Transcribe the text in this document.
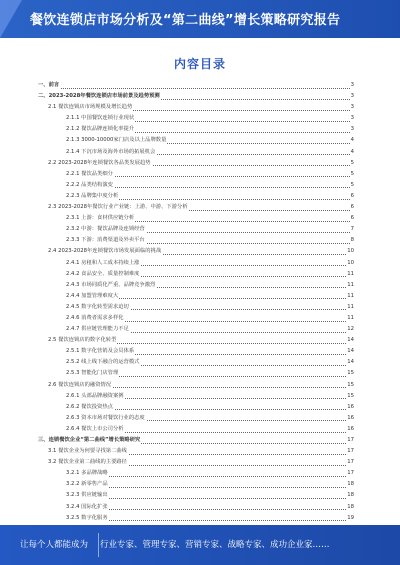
餐饮连锁店市场分析及“第二曲线”增长策略研究报告
内容目录
一、前言	3
二、2023-2028年餐饮连锁店市场前景及趋势预测	3
2.1 餐饮连锁店市场规模及增长趋势	3
2.1.1 中国餐饮连锁行业现状	3
2.1.2 餐饮品牌连锁化率提升	3
2.1.3 3000-10000家门店及以上品牌数量	4
2.1.4 下沉市场及海外市场的拓展机会	4
2.2 2023-2028年连锁餐饮各品类发展趋势	5
2.2.1 餐饮品类细分	5
2.2.2 品类结构演变	5
2.2.3 品牌集中度分析	6
2.3 2023-2028年餐饮行业产业链：上游、中游、下游分析	6
2.3.1 上游：食材供应链分析	6
2.3.2 中游：餐饮品牌及连锁经营	7
2.3.3 下游：消费渠道及外卖平台	8
2.4 2023-2028年连锁餐饮市场发展面临的挑战	10
2.4.1 房租和人工成本持续上涨	10
2.4.2 食品安全、质量控制难度	11
2.4.3 市场同质化严重、品牌竞争激烈	11
2.4.4 加盟管理难度大	11
2.4.5 数字化转型需求迫切	11
2.4.6 消费者需求多样化	11
2.4.7 供应链管理能力不足	12
2.5 餐饮连锁店的数字化转型	14
2.5.1 数字化营销及会员体系	14
2.5.2 线上线下融合的运营模式	14
2.5.3 智能化门店管理	15
2.6 餐饮连锁店的融资情况	15
2.6.1 头部品牌融资案例	15
2.6.2 餐饮投资热点	16
2.6.3 资本市场对餐饮行业的态度	16
2.6.4 餐饮上市公司分析	16
三、连锁餐饮企业“第二曲线”增长策略研究	17
3.1 餐饮企业为何要寻找第二曲线	17
3.2 餐饮企业第二曲线的主要路径	17
3.2.1 多品牌战略	17
3.2.2 新零售产品	18
3.2.3 供应链输出	18
3.2.4 国际化扩张	18
3.2.5 数字化服务	19
让每个人都能成为 行业专家、管理专家、营销专家、战略专家、成功企业家……
